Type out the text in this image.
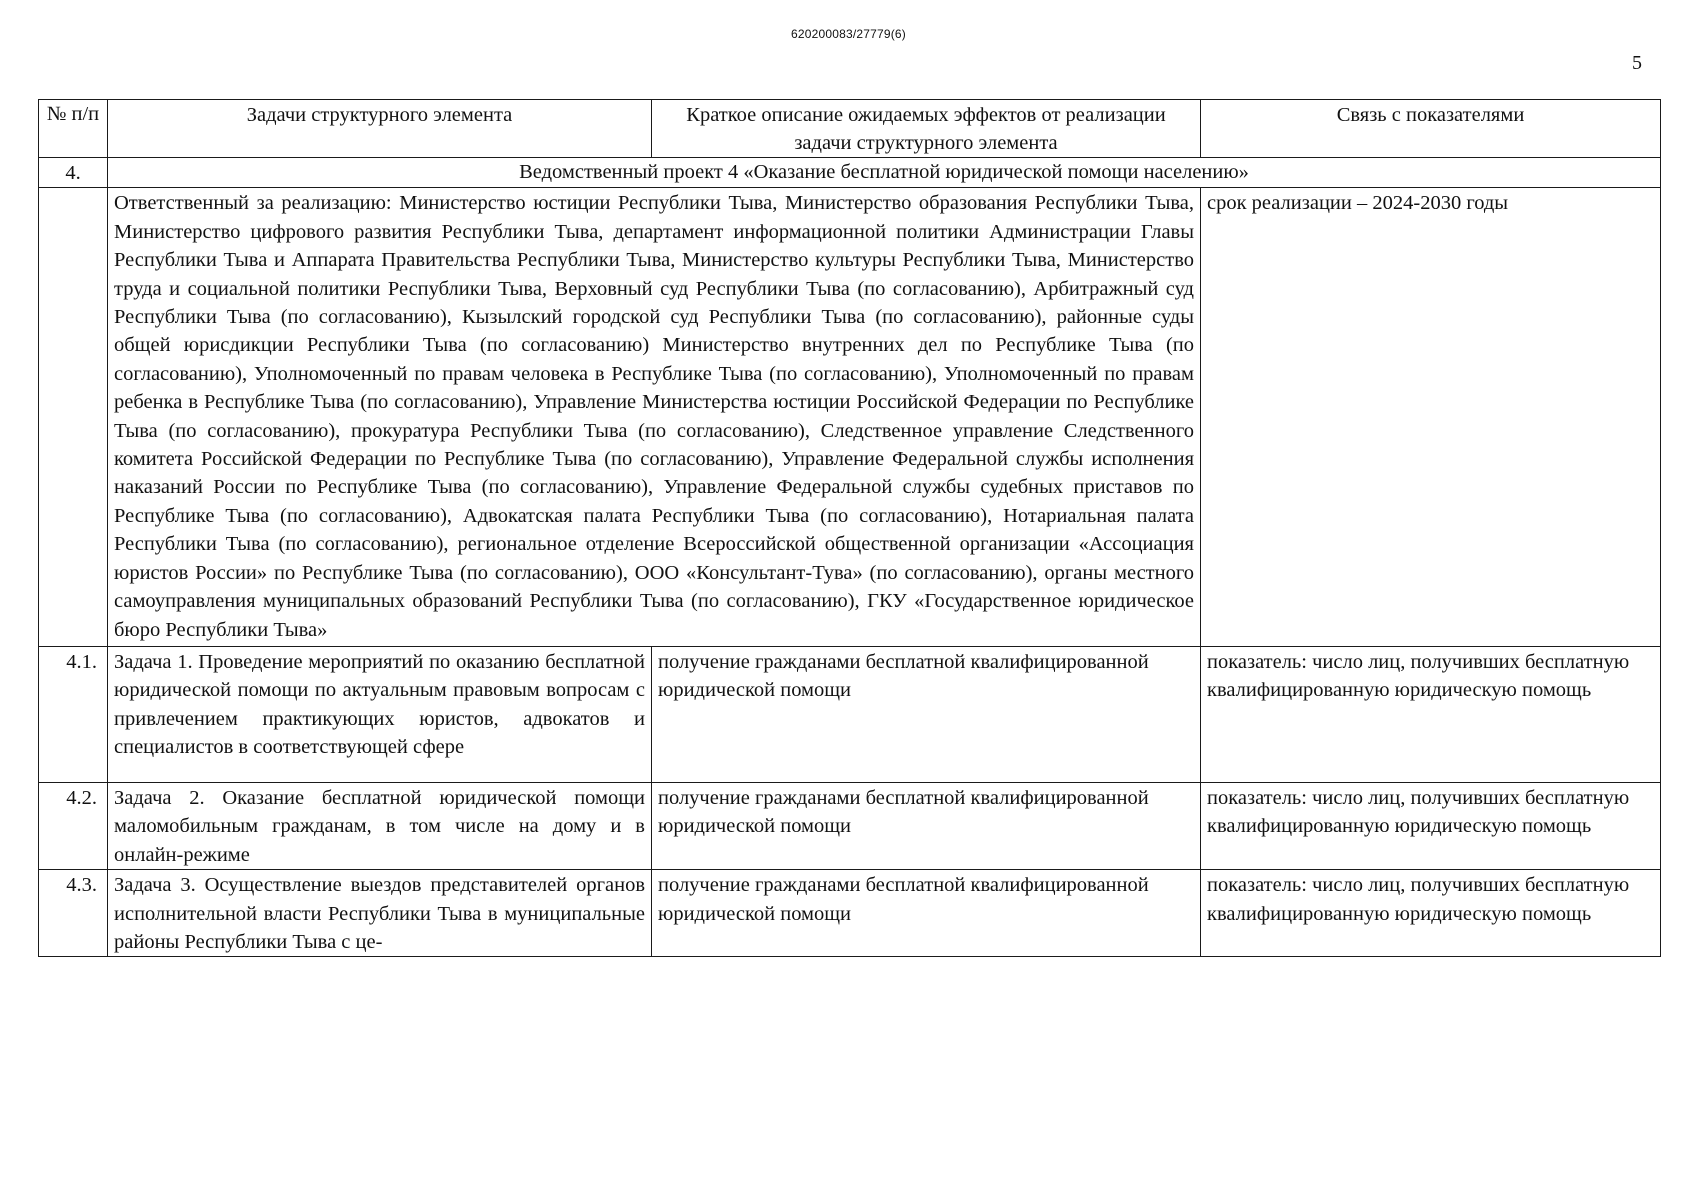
620200083/27779(6)
5
№ п/п	Задачи структурного элемента	Краткое описание ожидаемых эффектов от реализации задачи структурного элемента	Связь с показателями
4.	Ведомственный проект 4 «Оказание бесплатной юридической помощи населению»		
	Ответственный за реализацию: Министерство юстиции Республики Тыва, Министерство образования Республики Тыва, Министерство цифрового развития Республики Тыва, департамент информационной политики Администрации Главы Республики Тыва и Аппарата Правительства Республики Тыва, Министерство культуры Республики Тыва, Министерство труда и социальной политики Республики Тыва, Верховный суд Республики Тыва (по согласованию), Арбитражный суд Республики Тыва (по согласованию), Кызылский городской суд Республики Тыва (по согласованию), районные суды общей юрисдикции Республики Тыва (по согласованию) Министерство внутренних дел по Республике Тыва (по согласованию), Уполномоченный по правам человека в Республике Тыва (по согласованию), Уполномоченный по правам ребенка в Республике Тыва (по согласованию), Управление Министерства юстиции Российской Федерации по Республике Тыва (по согласованию), прокуратура Республики Тыва (по согласованию), Следственное управление Следственного комитета Российской Федерации по Республике Тыва (по согласованию), Управление Федеральной службы исполнения наказаний России по Республике Тыва (по согласованию), Управление Федеральной службы судебных приставов по Республике Тыва (по согласованию), Адвокатская палата Республики Тыва (по согласованию), Нотариальная палата Республики Тыва (по согласованию), региональное отделение Всероссийской общественной организации «Ассоциация юристов России» по Республике Тыва (по согласованию), ООО «Консультант-Тува» (по согласованию), органы местного самоуправления муниципальных образований Республики Тыва (по согласованию), ГКУ «Государственное юридическое бюро Республики Тыва»		срок реализации – 2024-2030 годы
4.1.	Задача 1. Проведение мероприятий по оказанию бесплатной юридической помощи по актуальным правовым вопросам с привлечением практикующих юристов, адвокатов и специалистов в соответствующей сфере	получение гражданами бесплатной квалифицированной юридической помощи	показатель: число лиц, получивших бесплатную квалифицированную юридическую помощь
4.2.	Задача 2. Оказание бесплатной юридической помощи маломобильным гражданам, в том числе на дому и в онлайн-режиме	получение гражданами бесплатной квалифицированной юридической помощи	показатель: число лиц, получивших бесплатную квалифицированную юридическую помощь
4.3.	Задача 3. Осуществление выездов представителей органов исполнительной власти Республики Тыва в муниципальные районы Республики Тыва с це-	получение гражданами бесплатной квалифицированной юридической помощи	показатель: число лиц, получивших бесплатную квалифицированную юридическую помощь
